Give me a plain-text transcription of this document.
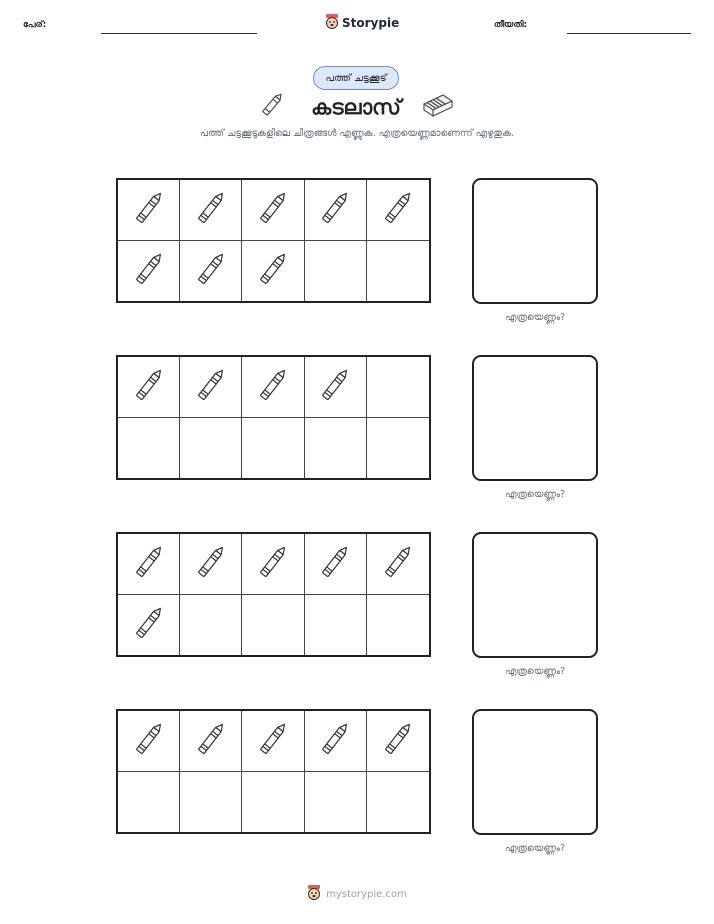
പേര്:	Storypie	തീയതി:
പത്ത് ചട്ടക്കൂട്
കടലാസ്
പത്ത് ചട്ടക്കൂടുകളിലെ ചിത്രങ്ങൾ എണ്ണുക. എത്രയെണ്ണമാണെന്ന് എഴുതുക.
എത്രയെണ്ണം?
എത്രയെണ്ണം?
എത്രയെണ്ണം?
എത്രയെണ്ണം?
mystorypie.com
